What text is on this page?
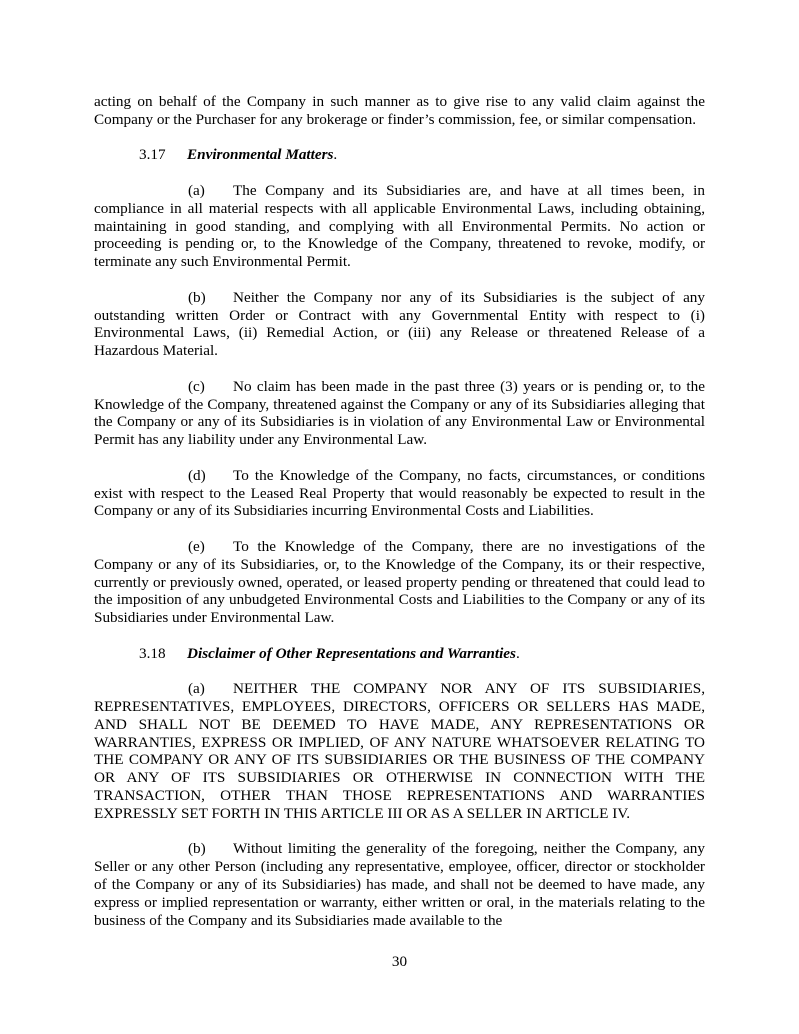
acting on behalf of the Company in such manner as to give rise to any valid claim against the Company or the Purchaser for any brokerage or finder’s commission, fee, or similar compensation.

3.17 Environmental Matters.

(a) The Company and its Subsidiaries are, and have at all times been, in compliance in all material respects with all applicable Environmental Laws, including obtaining, maintaining in good standing, and complying with all Environmental Permits. No action or proceeding is pending or, to the Knowledge of the Company, threatened to revoke, modify, or terminate any such Environmental Permit.

(b) Neither the Company nor any of its Subsidiaries is the subject of any outstanding written Order or Contract with any Governmental Entity with respect to (i) Environmental Laws, (ii) Remedial Action, or (iii) any Release or threatened Release of a Hazardous Material.

(c) No claim has been made in the past three (3) years or is pending or, to the Knowledge of the Company, threatened against the Company or any of its Subsidiaries alleging that the Company or any of its Subsidiaries is in violation of any Environmental Law or Environmental Permit has any liability under any Environmental Law.

(d) To the Knowledge of the Company, no facts, circumstances, or conditions exist with respect to the Leased Real Property that would reasonably be expected to result in the Company or any of its Subsidiaries incurring Environmental Costs and Liabilities.

(e) To the Knowledge of the Company, there are no investigations of the Company or any of its Subsidiaries, or, to the Knowledge of the Company, its or their respective, currently or previously owned, operated, or leased property pending or threatened that could lead to the imposition of any unbudgeted Environmental Costs and Liabilities to the Company or any of its Subsidiaries under Environmental Law.

3.18 Disclaimer of Other Representations and Warranties.

(a) NEITHER THE COMPANY NOR ANY OF ITS SUBSIDIARIES, REPRESENTATIVES, EMPLOYEES, DIRECTORS, OFFICERS OR SELLERS HAS MADE, AND SHALL NOT BE DEEMED TO HAVE MADE, ANY REPRESENTATIONS OR WARRANTIES, EXPRESS OR IMPLIED, OF ANY NATURE WHATSOEVER RELATING TO THE COMPANY OR ANY OF ITS SUBSIDIARIES OR THE BUSINESS OF THE COMPANY OR ANY OF ITS SUBSIDIARIES OR OTHERWISE IN CONNECTION WITH THE TRANSACTION, OTHER THAN THOSE REPRESENTATIONS AND WARRANTIES EXPRESSLY SET FORTH IN THIS ARTICLE III OR AS A SELLER IN ARTICLE IV.

(b) Without limiting the generality of the foregoing, neither the Company, any Seller or any other Person (including any representative, employee, officer, director or stockholder of the Company or any of its Subsidiaries) has made, and shall not be deemed to have made, any express or implied representation or warranty, either written or oral, in the materials relating to the business of the Company and its Subsidiaries made available to the

30
